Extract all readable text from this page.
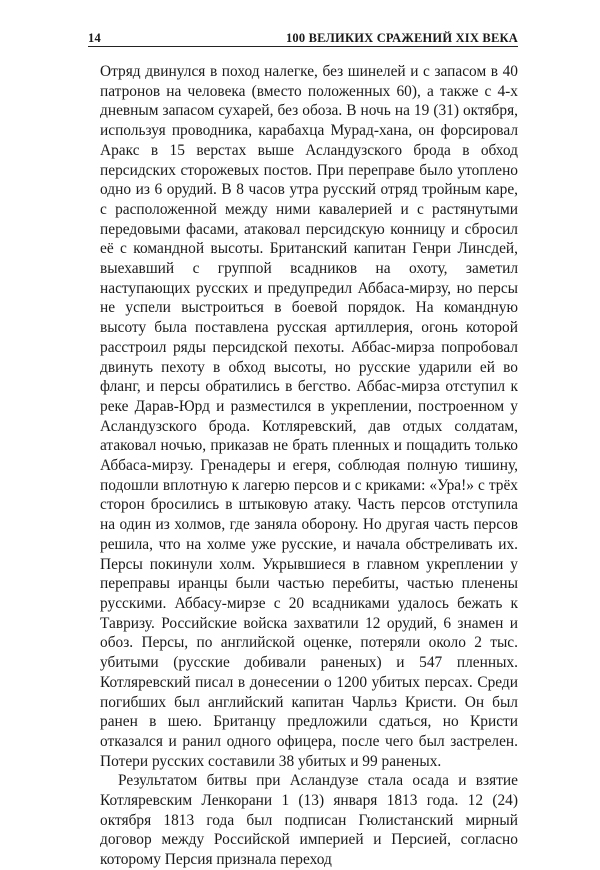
14	100 ВЕЛИКИХ СРАЖЕНИЙ XIX ВЕКА

Отряд двинулся в поход налегке, без шинелей и с запасом в 40 патронов на человека (вместо положенных 60), а также с 4-х дневным запасом сухарей, без обоза. В ночь на 19 (31) октября, используя проводника, карабахца Мурад-хана, он форсировал Аракс в 15 верстах выше Асландузского брода в обход персидских сторожевых постов. При переправе было утоплено одно из 6 орудий. В 8 часов утра русский отряд тройным каре, с расположенной между ними кавалерией и с растянутыми передовыми фасами, атаковал персидскую конницу и сбросил её с командной высоты. Британский капитан Генри Линсдей, выехавший с группой всадников на охоту, заметил наступающих русских и предупредил Аббаса-мирзу, но персы не успели выстроиться в боевой порядок. На командную высоту была поставлена русская артиллерия, огонь которой расстроил ряды персидской пехоты. Аббас-мирза попробовал двинуть пехоту в обход высоты, но русские ударили ей во фланг, и персы обратились в бегство. Аббас-мирза отступил к реке Дарав-Юрд и разместился в укреплении, построенном у Асландузского брода. Котляревский, дав отдых солдатам, атаковал ночью, приказав не брать пленных и пощадить только Аббаса-мирзу. Гренадеры и егеря, соблюдая полную тишину, подошли вплотную к лагерю персов и с криками: «Ура!» с трёх сторон бросились в штыковую атаку. Часть персов отступила на один из холмов, где заняла оборону. Но другая часть персов решила, что на холме уже русские, и начала обстреливать их. Персы покинули холм. Укрывшиеся в главном укреплении у переправы иранцы были частью перебиты, частью пленены русскими. Аббасу-мирзе с 20 всадниками удалось бежать к Тавризу. Российские войска захватили 12 орудий, 6 знамен и обоз. Персы, по английской оценке, потеряли около 2 тыс. убитыми (русские добивали раненых) и 547 пленных. Котляревский писал в донесении о 1200 убитых персах. Среди погибших был английский капитан Чарльз Кристи. Он был ранен в шею. Британцу предложили сдаться, но Кристи отказался и ранил одного офицера, после чего был застрелен. Потери русских составили 38 убитых и 99 раненых.

Результатом битвы при Асландузе стала осада и взятие Котляревским Ленкорани 1 (13) января 1813 года. 12 (24) октября 1813 года был подписан Гюлистанский мирный договор между Российской империей и Персией, согласно которому Персия признала переход
